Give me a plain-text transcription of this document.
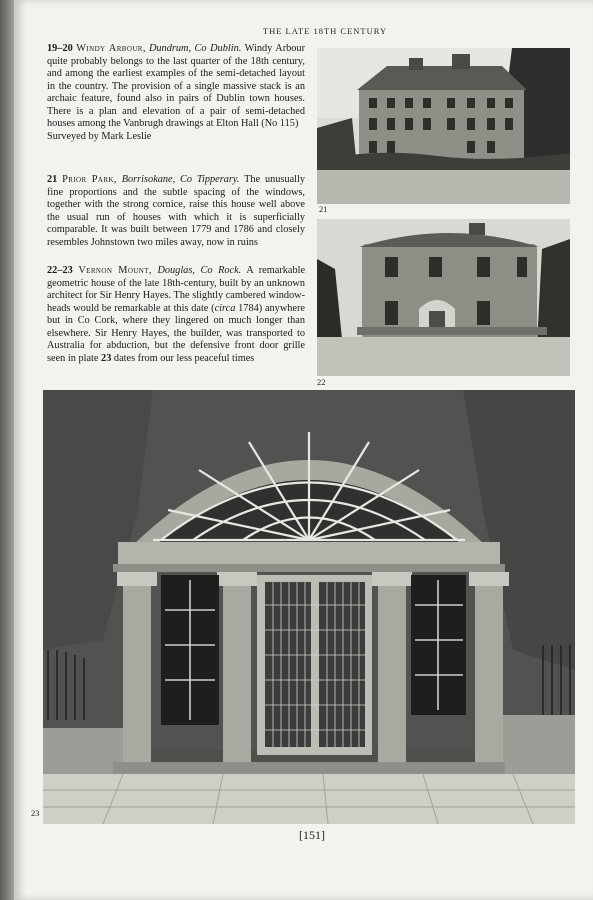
THE LATE 18TH CENTURY
19–20 Windy Arbour, Dundrum, Co Dublin. Windy Arbour quite probably belongs to the last quarter of the 18th century, and among the earliest examples of the semi-detached layout in the country. The provision of a single massive stack is an archaic feature, found also in pairs of Dublin town houses. There is a plan and elevation of a pair of semi-detached houses among the Vanbrugh drawings at Elton Hall (No 115)
Surveyed by Mark Leslie
21 Prior Park, Borrisokane, Co Tipperary. The unusually fine proportions and the subtle spacing of the windows, together with the strong cornice, raise this house well above the usual run of houses with which it is superficially comparable. It was built between 1779 and 1786 and closely resembles Johnstown two miles away, now in ruins
22–23 Vernon Mount, Douglas, Co Rock. A remarkable geometric house of the late 18th-century, built by an unknown architect for Sir Henry Hayes. The slightly cambered window-heads would be remarkable at this date (circa 1784) anywhere but in Co Cork, where they lingered on much longer than elsewhere. Sir Henry Hayes, the builder, was transported to Australia for abduction, but the defensive front door grille seen in plate 23 dates from our less peaceful times
21
22
23
[151]
